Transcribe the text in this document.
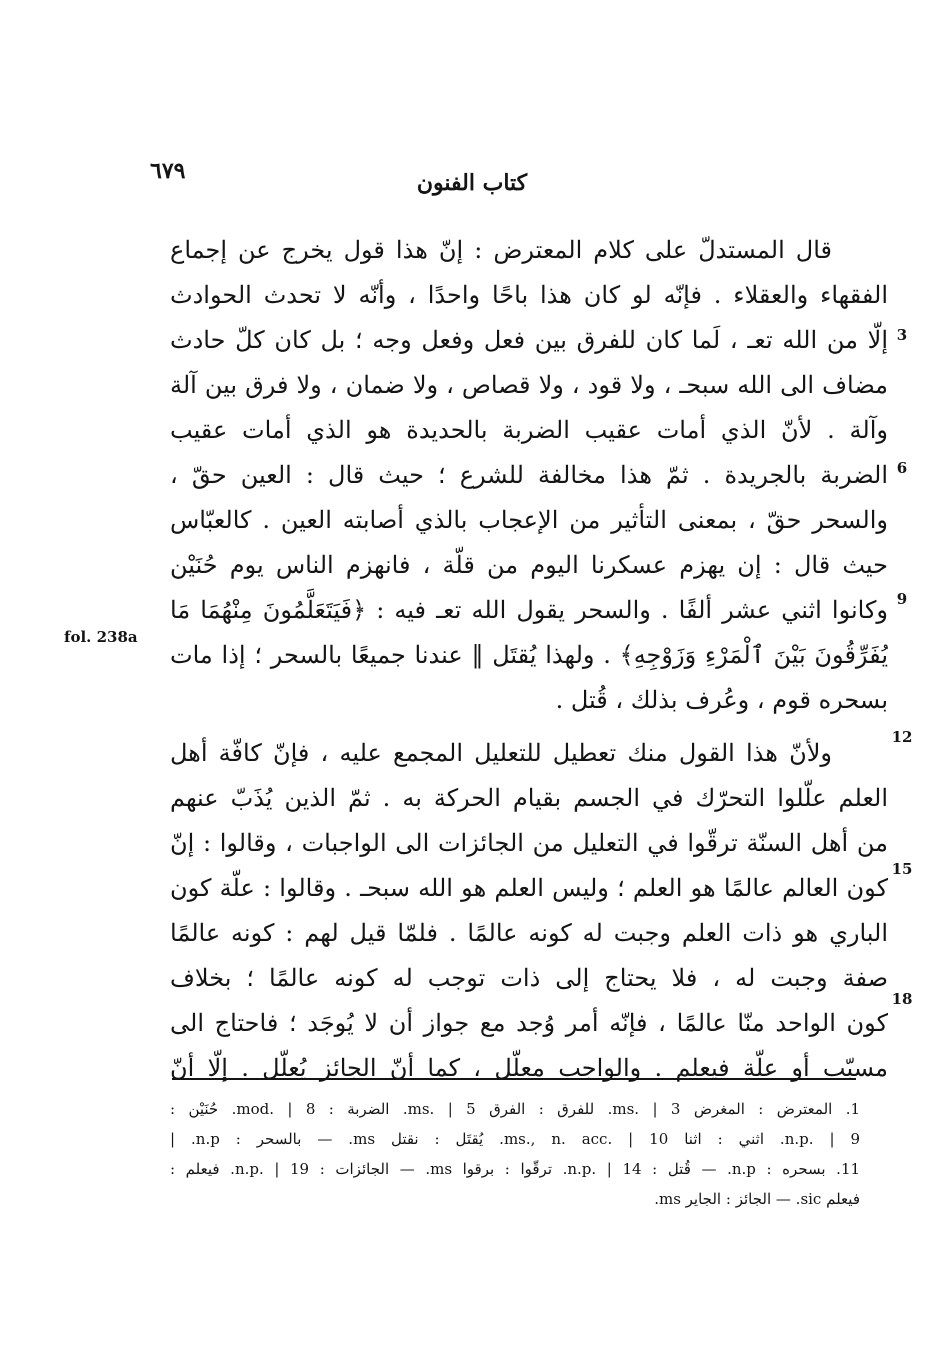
٦٧٩	كتاب الفنون
قال المستدلّ على كلام المعترض : إنّ هذا قول يخرج عن إجماع
الفقهاء والعقلاء . فإنّه لو كان هذا باحًا واحدًا ، وأنّه لا تحدث الحوادث
إلّا من الله تعـ ، لَما كان للفرق بين فعل وفعل وجه ؛ بل كان كلّ حادث
مضاف الى الله سبحـ ، ولا قود ، ولا قصاص ، ولا ضمان ، ولا فرق بين آلة
وآلة . لأنّ الذي أمات عقيب الضربة بالحديدة هو الذي أمات عقيب
الضربة بالجريدة . ثمّ هذا مخالفة للشرع ؛ حيث قال : العين حقّ ،
والسحر حقّ ، بمعنى التأثير من الإعجاب بالذي أصابته العين . كالعبّاس
حيث قال : إن يهزم عسكرنا اليوم من قلّة ، فانهزم الناس يوم حُنَيْن
وكانوا اثني عشر ألفًا . والسحر يقول الله تعـ فيه : ﴿فَيَتَعَلَّمُونَ مِنْهُمَا مَا
يُفَرِّقُونَ بَيْنَ ٱلْمَرْءِ وَزَوْجِهِ﴾ . ولهذا يُقتَل ‖ عندنا جميعًا بالسحر ؛ إذا مات
بسحره قوم ، وعُرف بذلك ، قُتل .
ولأنّ هذا القول منك تعطيل للتعليل المجمع عليه ، فإنّ كافّة أهل
العلم علّلوا التحرّك في الجسم بقيام الحركة به . ثمّ الذين يُذَبّ عنهم
من أهل السنّة ترقّوا في التعليل من الجائزات الى الواجبات ، وقالوا : إنّ
كون العالم عالمًا هو العلم ؛ وليس العلم هو الله سبحـ . وقالوا : علّة كون
الباري هو ذات العلم وجبت له كونه عالمًا . فلمّا قيل لهم : كونه عالمًا
صفة وجبت له ، فلا يحتاج إلى ذات توجب له كونه عالمًا ؛ بخلاف
كون الواحد منّا عالمًا ، فإنّه أمر وُجد مع جواز أن لا يُوجَد ؛ فاحتاج الى
مسبّب أو علّة فيعلم . والواجب معلّل ، كما أنّ الجائز يُعلّل . إلّا أنّ
3
6
9
12
15
18
fol. 238a
1. المعترض : المغرض ms. | 3. للفرق : الفرق ms. | 5. الضربة : mod. | 8. حُنَيْن :
n.p. | 9. اثني : اثنا ms., n. acc. | 10. يُقتَل : نقتل ms. — بالسحر : n.p. |
11. بسحره : n.p. — قُتل : n.p. | 14. ترقّوا : برقوا ms. — الجائزات : n.p. | 19. فيعلم :
فيعلم sic. — الجائز : الجاير ms.
